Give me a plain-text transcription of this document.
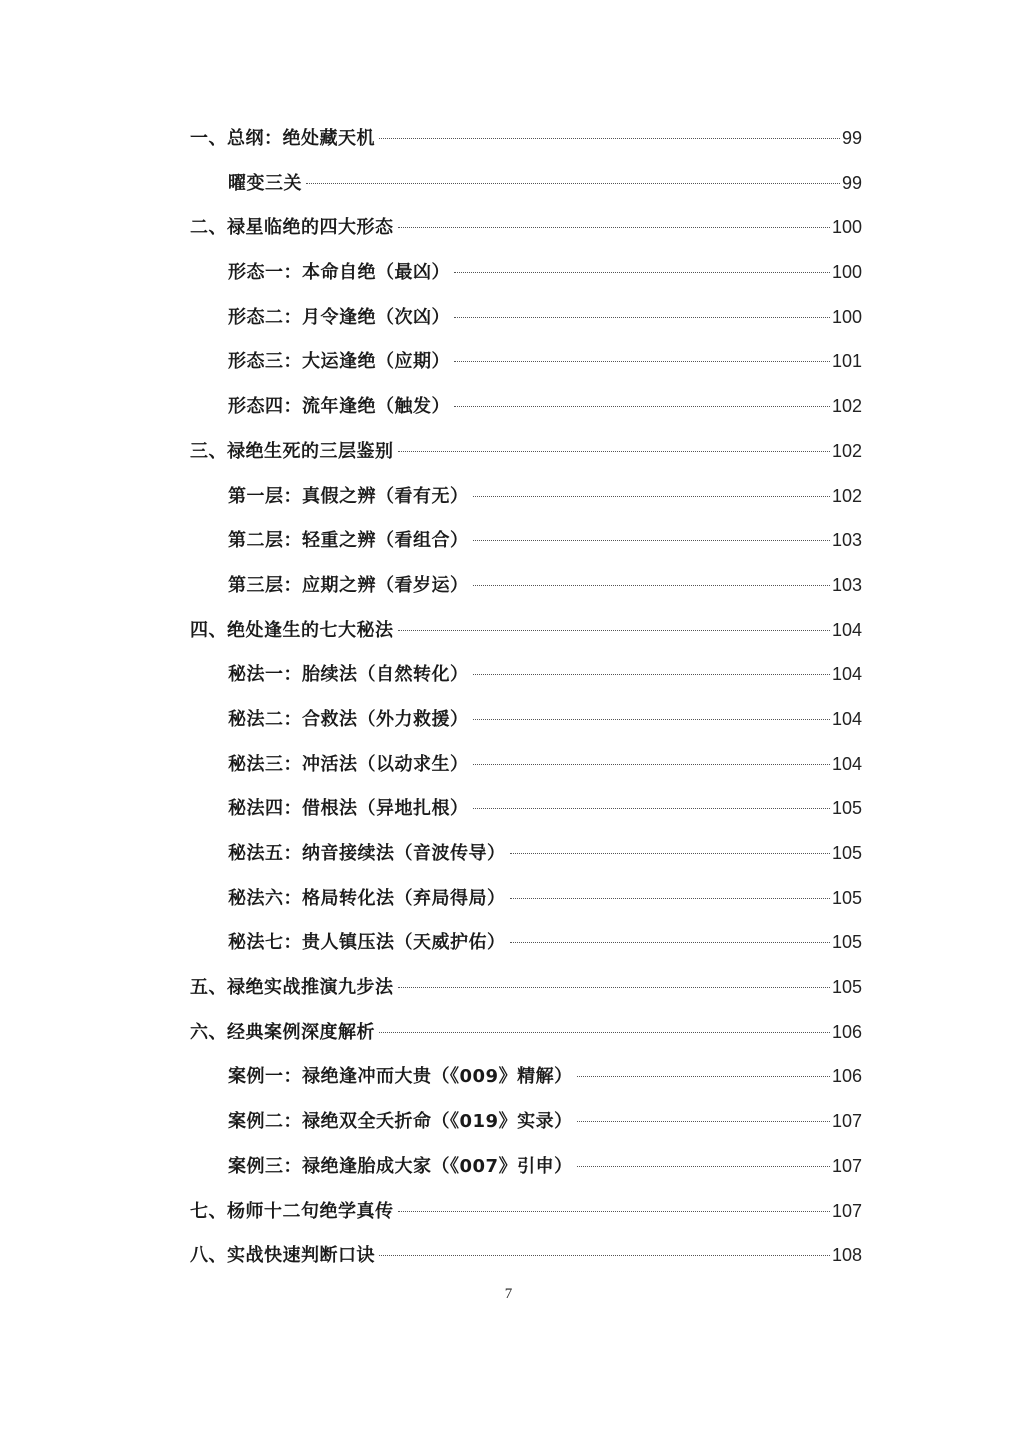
一、总纲：绝处藏天机	99
曜变三关	99
二、禄星临绝的四大形态	100
形态一：本命自绝（最凶）	100
形态二：月令逢绝（次凶）	100
形态三：大运逢绝（应期）	101
形态四：流年逢绝（触发）	102
三、禄绝生死的三层鉴别	102
第一层：真假之辨（看有无）	102
第二层：轻重之辨（看组合）	103
第三层：应期之辨（看岁运）	103
四、绝处逢生的七大秘法	104
秘法一：胎续法（自然转化）	104
秘法二：合救法（外力救援）	104
秘法三：冲活法（以动求生）	104
秘法四：借根法（异地扎根）	105
秘法五：纳音接续法（音波传导）	105
秘法六：格局转化法（弃局得局）	105
秘法七：贵人镇压法（天威护佑）	105
五、禄绝实战推演九步法	105
六、经典案例深度解析	106
案例一：禄绝逢冲而大贵（《009》精解）	106
案例二：禄绝双全夭折命（《019》实录）	107
案例三：禄绝逢胎成大家（《007》引申）	107
七、杨师十二句绝学真传	107
八、实战快速判断口诀	108
7
